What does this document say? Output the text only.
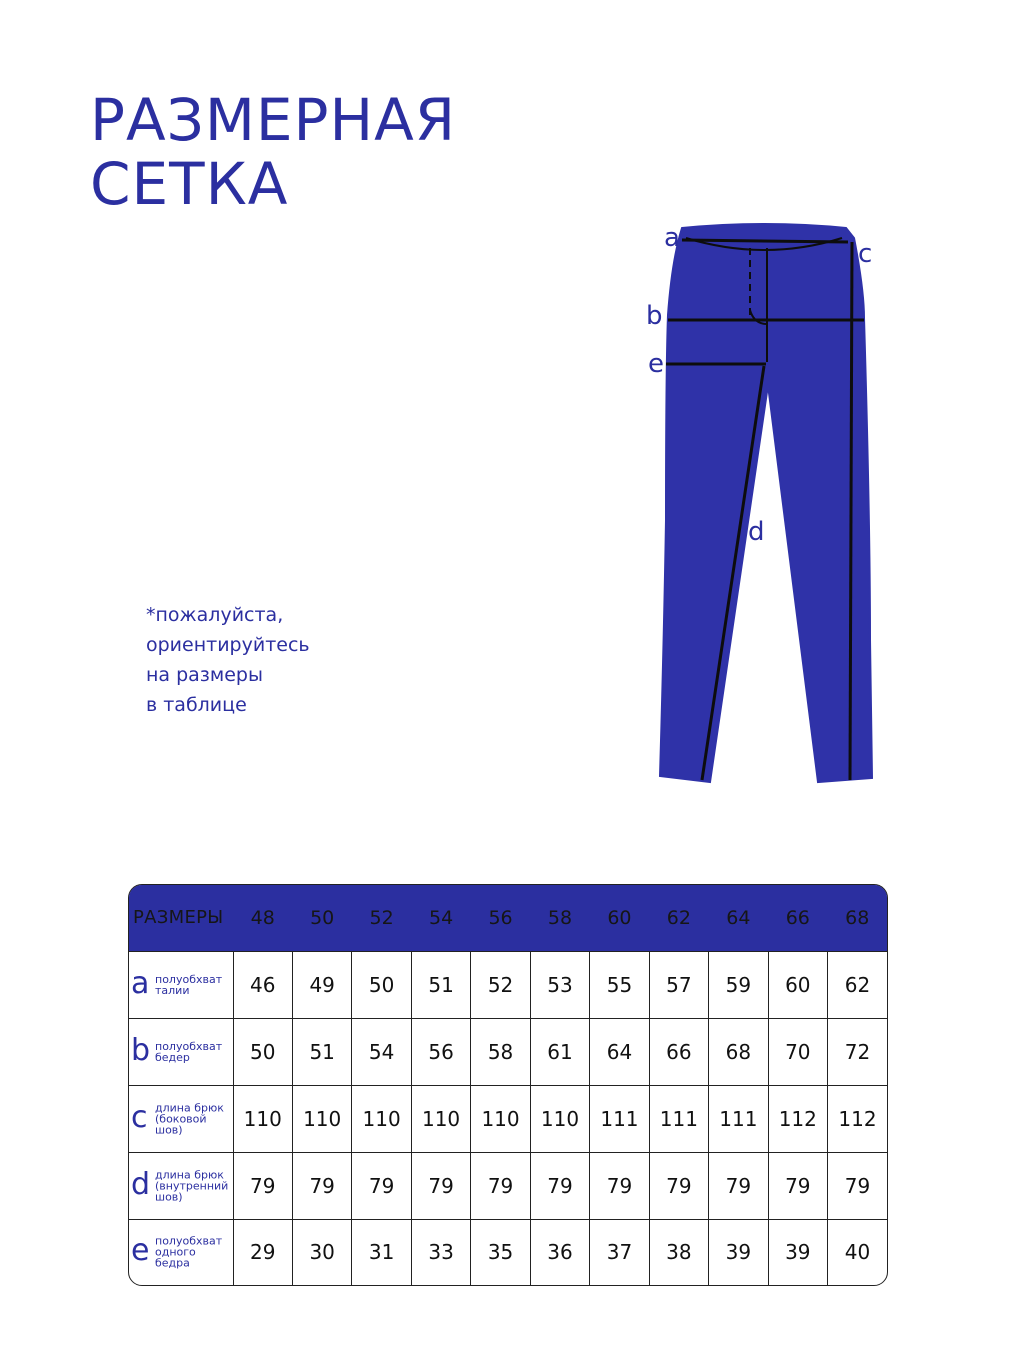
РАЗМЕРНАЯ
СЕТКА

*пожалуйста,
ориентируйтесь
на размеры
в таблице

a
c
b
e
d
РАЗМЕРЫ	48	50	52	54	56	58	60	62	64	66	68

a полуобхват
талии	46	49	50	51	52	53	55	57	59	60	62

b полуобхват
бедер	50	51	54	56	58	61	64	66	68	70	72

c длина брюк
(боковой
шов)	110	110	110	110	110	110	111	111	111	112	112

d длина брюк
(внутренний
шов)	79	79	79	79	79	79	79	79	79	79	79

e полуобхват
одного
бедра	29	30	31	33	35	36	37	38	39	39	40
